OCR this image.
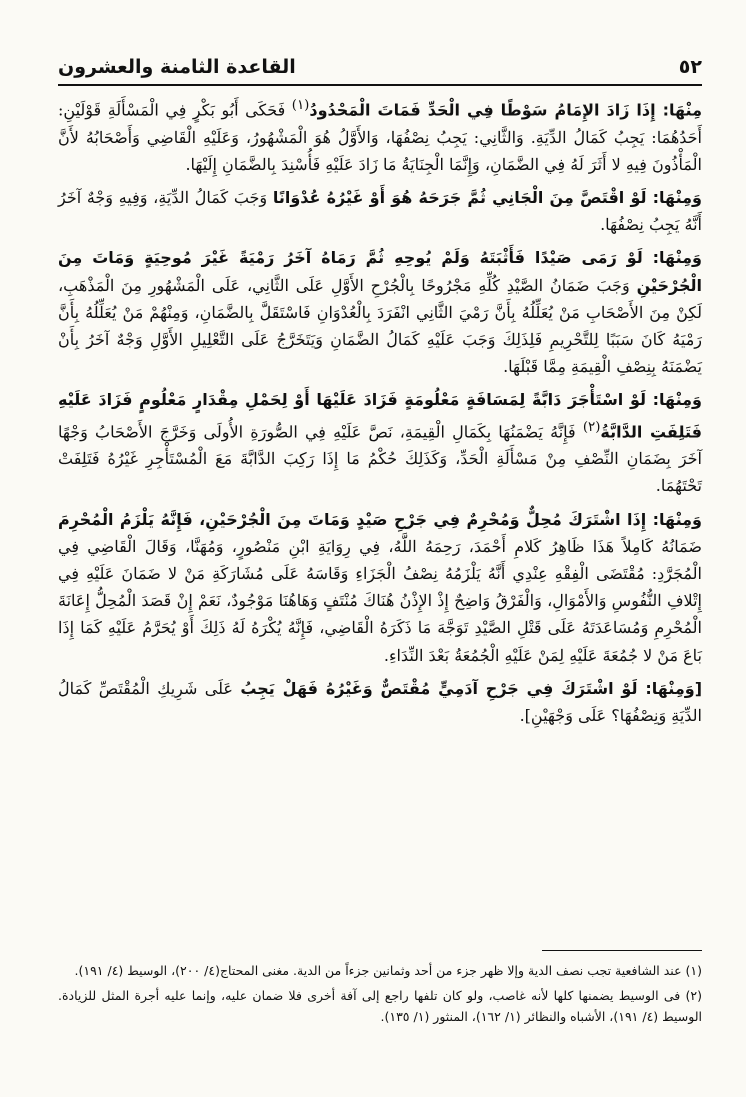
٥٢
القاعدة الثامنة والعشرون

مِنْهَا: إِذَا زَادَ الإِمَامُ سَوْطًا فِي الْحَدِّ فَمَاتَ الْمَحْدُودُ$^{(١)}$ فَحَكَى أَبُو بَكْرٍ فِي الْمَسْأَلَةِ قَوْلَيْنِ: أَحَدُهُمَا: يَجِبُ كَمَالُ الدِّيَةِ. وَالثَّانِي: يَجِبُ نِصْفُهَا، وَالأَوَّلُ هُوَ الْمَشْهُورُ، وَعَلَيْهِ الْقَاضِي وَأَصْحَابُهُ لأَنَّ الْمَأْذُونَ فِيهِ لا أَثَرَ لَهُ فِي الضَّمَانِ، وَإِنَّمَا الْجِنَايَةُ مَا زَادَ عَلَيْهِ فَأُسْنِدَ بِالضَّمَانِ إِلَيْهَا.

وَمِنْهَا: لَوْ اقْتَصَّ مِنَ الْجَانِي ثُمَّ جَرَحَهُ هُوَ أَوْ غَيْرُهُ عُدْوَانًا وَجَبَ كَمَالُ الدِّيَةِ، وَفِيهِ وَجْهٌ آخَرُ أَنَّهُ يَجِبُ نِصْفُهَا.

وَمِنْهَا: لَوْ رَمَى صَيْدًا فَأَثْبَتَهُ وَلَمْ يُوحِهِ ثُمَّ رَمَاهُ آخَرُ رَمْيَةً غَيْرَ مُوحِيَةٍ وَمَاتَ مِنَ الْجُرْحَيْنِ وَجَبَ ضَمَانُ الصَّيْدِ كُلِّهِ مَجْرُوحًا بِالْجُرْحِ الأَوَّلِ عَلَى الثَّانِي، عَلَى الْمَشْهُورِ مِنَ الْمَذْهَبِ، لَكِنْ مِنَ الأَصْحَابِ مَنْ يُعَلِّلُهُ بِأَنَّ رَمْيَ الثَّانِي انْفَرَدَ بِالْعُدْوَانِ فَاسْتَقَلَّ بِالضَّمَانِ، وَمِنْهُمْ مَنْ يُعَلِّلُهُ بِأَنَّ رَمْيَهُ كَانَ سَبَبًا لِلتَّحْرِيمِ فَلِذَلِكَ وَجَبَ عَلَيْهِ كَمَالُ الضَّمَانِ وَيَتَخَرَّجُ عَلَى التَّعْلِيلِ الأَوَّلِ وَجْهٌ آخَرُ بِأَنْ يَضْمَنَهُ بِنِصْفِ الْقِيمَةِ مِمَّا قَبْلَهَا.

وَمِنْهَا: لَوْ اسْتَأْجَرَ دَابَّةً لِمَسَافَةٍ مَعْلُومَةٍ فَزَادَ عَلَيْهَا أَوْ لِحَمْلِ مِقْدَارٍ مَعْلُومٍ فَزَادَ عَلَيْهِ فَتَلِفَتِ الدَّابَّةُ$^{(٢)}$ فَإِنَّهُ يَضْمَنُهَا بِكَمَالِ الْقِيمَةِ، نَصَّ عَلَيْهِ فِي الصُّورَةِ الأُولَى وَخَرَّجَ الأَصْحَابُ وَجْهًا آخَرَ بِضَمَانِ النِّصْفِ مِنْ مَسْأَلَةِ الْحَدِّ، وَكَذَلِكَ حُكْمُ مَا إِذَا رَكِبَ الدَّابَّةَ مَعَ الْمُسْتَأْجِرِ غَيْرُهُ فَتَلِفَتْ تَحْتَهُمَا.

وَمِنْهَا: إِذَا اشْتَرَكَ مُحِلٌّ وَمُحْرِمٌ فِي جَرْحِ صَيْدٍ وَمَاتَ مِنَ الْجُرْحَيْنِ، فَإِنَّهُ يَلْزَمُ الْمُحْرِمَ ضَمَانُهُ كَامِلاً هَذَا ظَاهِرُ كَلامِ أَحْمَدَ، رَحِمَهُ اللَّهُ، فِي رِوَايَةِ ابْنِ مَنْصُورٍ، وَمُهَنَّا، وَقَالَ الْقَاضِي فِي الْمُجَرَّدِ: مُقْتَضَى الْفِقْهِ عِنْدِي أَنَّهُ يَلْزَمُهُ نِصْفُ الْجَزَاءِ وَقَاسَهُ عَلَى مُشَارَكَةِ مَنْ لا ضَمَانَ عَلَيْهِ فِي إِتْلافِ النُّفُوسِ وَالأَمْوَالِ، وَالْفَرْقُ وَاضِحٌ إِذْ الإِذْنُ هُنَاكَ مُنْتَفٍ وَهَاهُنَا مَوْجُودٌ، نَعَمْ إِنْ قَصَدَ الْمُحِلُّ إِعَانَةَ الْمُحْرِمِ وَمُسَاعَدَتَهُ عَلَى قَتْلِ الصَّيْدِ تَوَجَّهَ مَا ذَكَرَهُ الْقَاضِي، فَإِنَّهُ يُكْرَهُ لَهُ ذَلِكَ أَوْ يُحَرَّمُ عَلَيْهِ كَمَا إِذَا بَاعَ مَنْ لا جُمُعَةَ عَلَيْهِ لِمَنْ عَلَيْهِ الْجُمُعَةُ بَعْدَ النِّدَاءِ.

[وَمِنْهَا: لَوْ اشْتَرَكَ فِي جَرْحِ آدَمِيٍّ مُقْتَصٌّ وَغَيْرُهُ فَهَلْ يَجِبُ عَلَى شَرِيكِ الْمُقْتَصِّ كَمَالُ الدِّيَةِ وَنِصْفُهَا؟ عَلَى وَجْهَيْنِ].

(١) عند الشافعية تجب نصف الدية وإلا ظهر جزء من أحد وثمانين جزءاً من الدية. مغنى المحتاج(٤/ ٢٠٠)، الوسيط (٤/ ١٩١).

(٢) فى الوسيط يضمنها كلها لأنه غاصب، ولو كان تلفها راجع إلى آفة أخرى فلا ضمان عليه، وإنما عليه أجرة المثل للزيادة. الوسيط (٤/ ١٩١)، الأشباه والنظائر (١/ ١٦٢)، المنثور (١/ ١٣٥).
